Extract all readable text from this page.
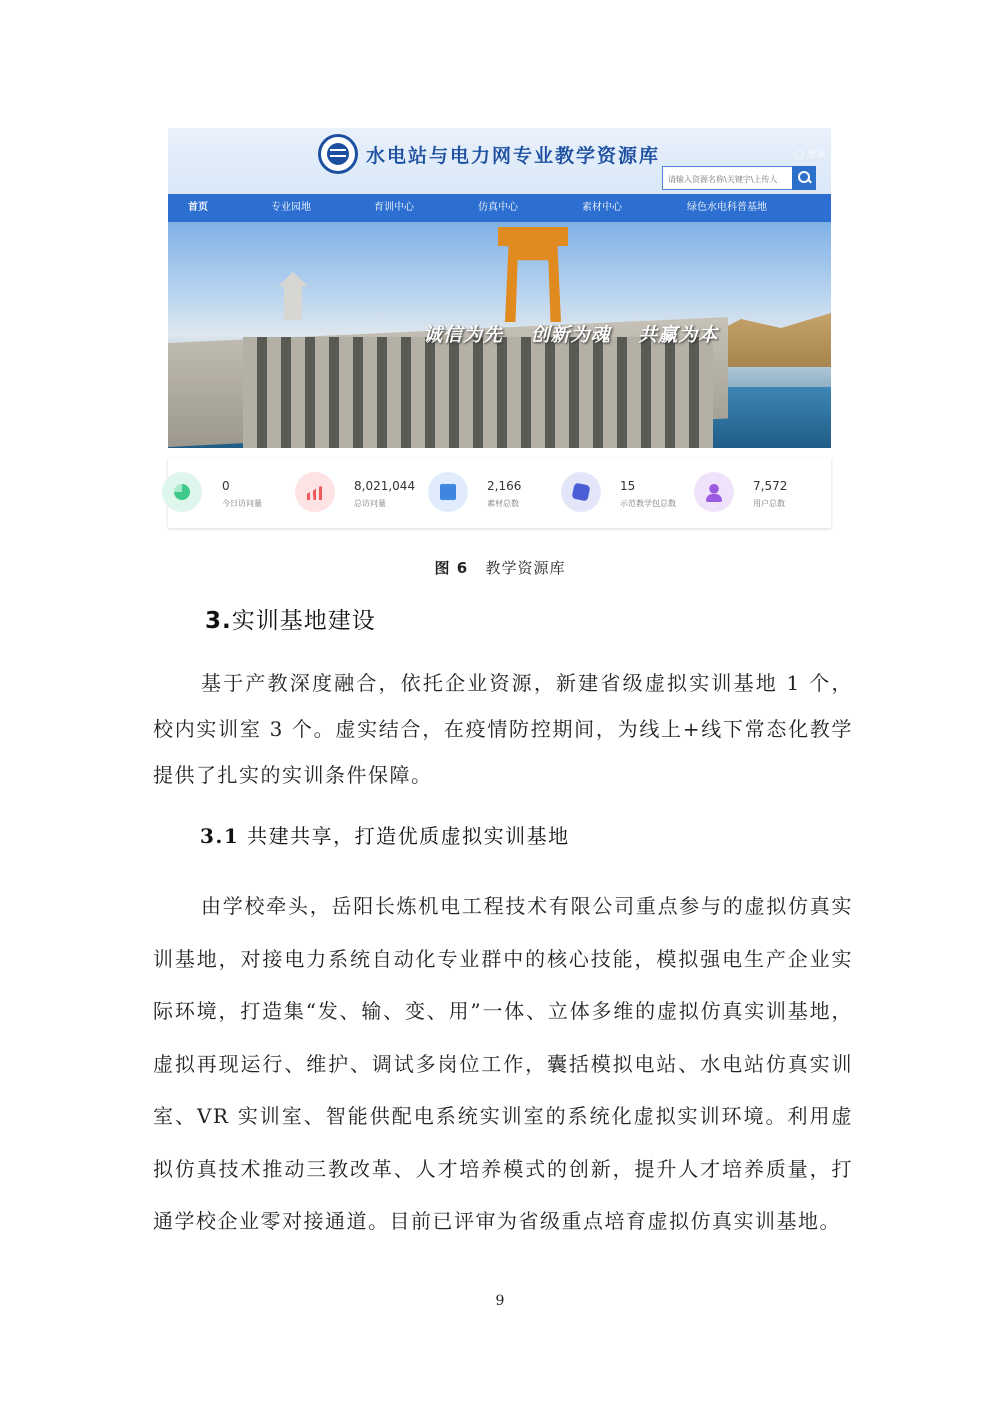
水电站与电力网专业教学资源库	◯ 登录
请输入资源名称\关键字\上传人
首页	专业园地	育训中心	仿真中心	素材中心	绿色水电科普基地
诚信为先 创新为魂 共赢为本
0
今日访问量
8,021,044
总访问量
2,166
素材总数
15
示范教学包总数
7,572
用户总数
图 6 教学资源库
3.实训基地建设

基于产教深度融合，依托企业资源，新建省级虚拟实训基地 1 个，校内实训室 3 个。虚实结合，在疫情防控期间，为线上+线下常态化教学提供了扎实的实训条件保障。

3.1 共建共享，打造优质虚拟实训基地

由学校牵头，岳阳长炼机电工程技术有限公司重点参与的虚拟仿真实训基地，对接电力系统自动化专业群中的核心技能，模拟强电生产企业实际环境，打造集“发、输、变、用”一体、立体多维的虚拟仿真实训基地，虚拟再现运行、维护、调试多岗位工作，囊括模拟电站、水电站仿真实训室、VR 实训室、智能供配电系统实训室的系统化虚拟实训环境。利用虚拟仿真技术推动三教改革、人才培养模式的创新，提升人才培养质量，打通学校企业零对接通道。目前已评审为省级重点培育虚拟仿真实训基地。

9
